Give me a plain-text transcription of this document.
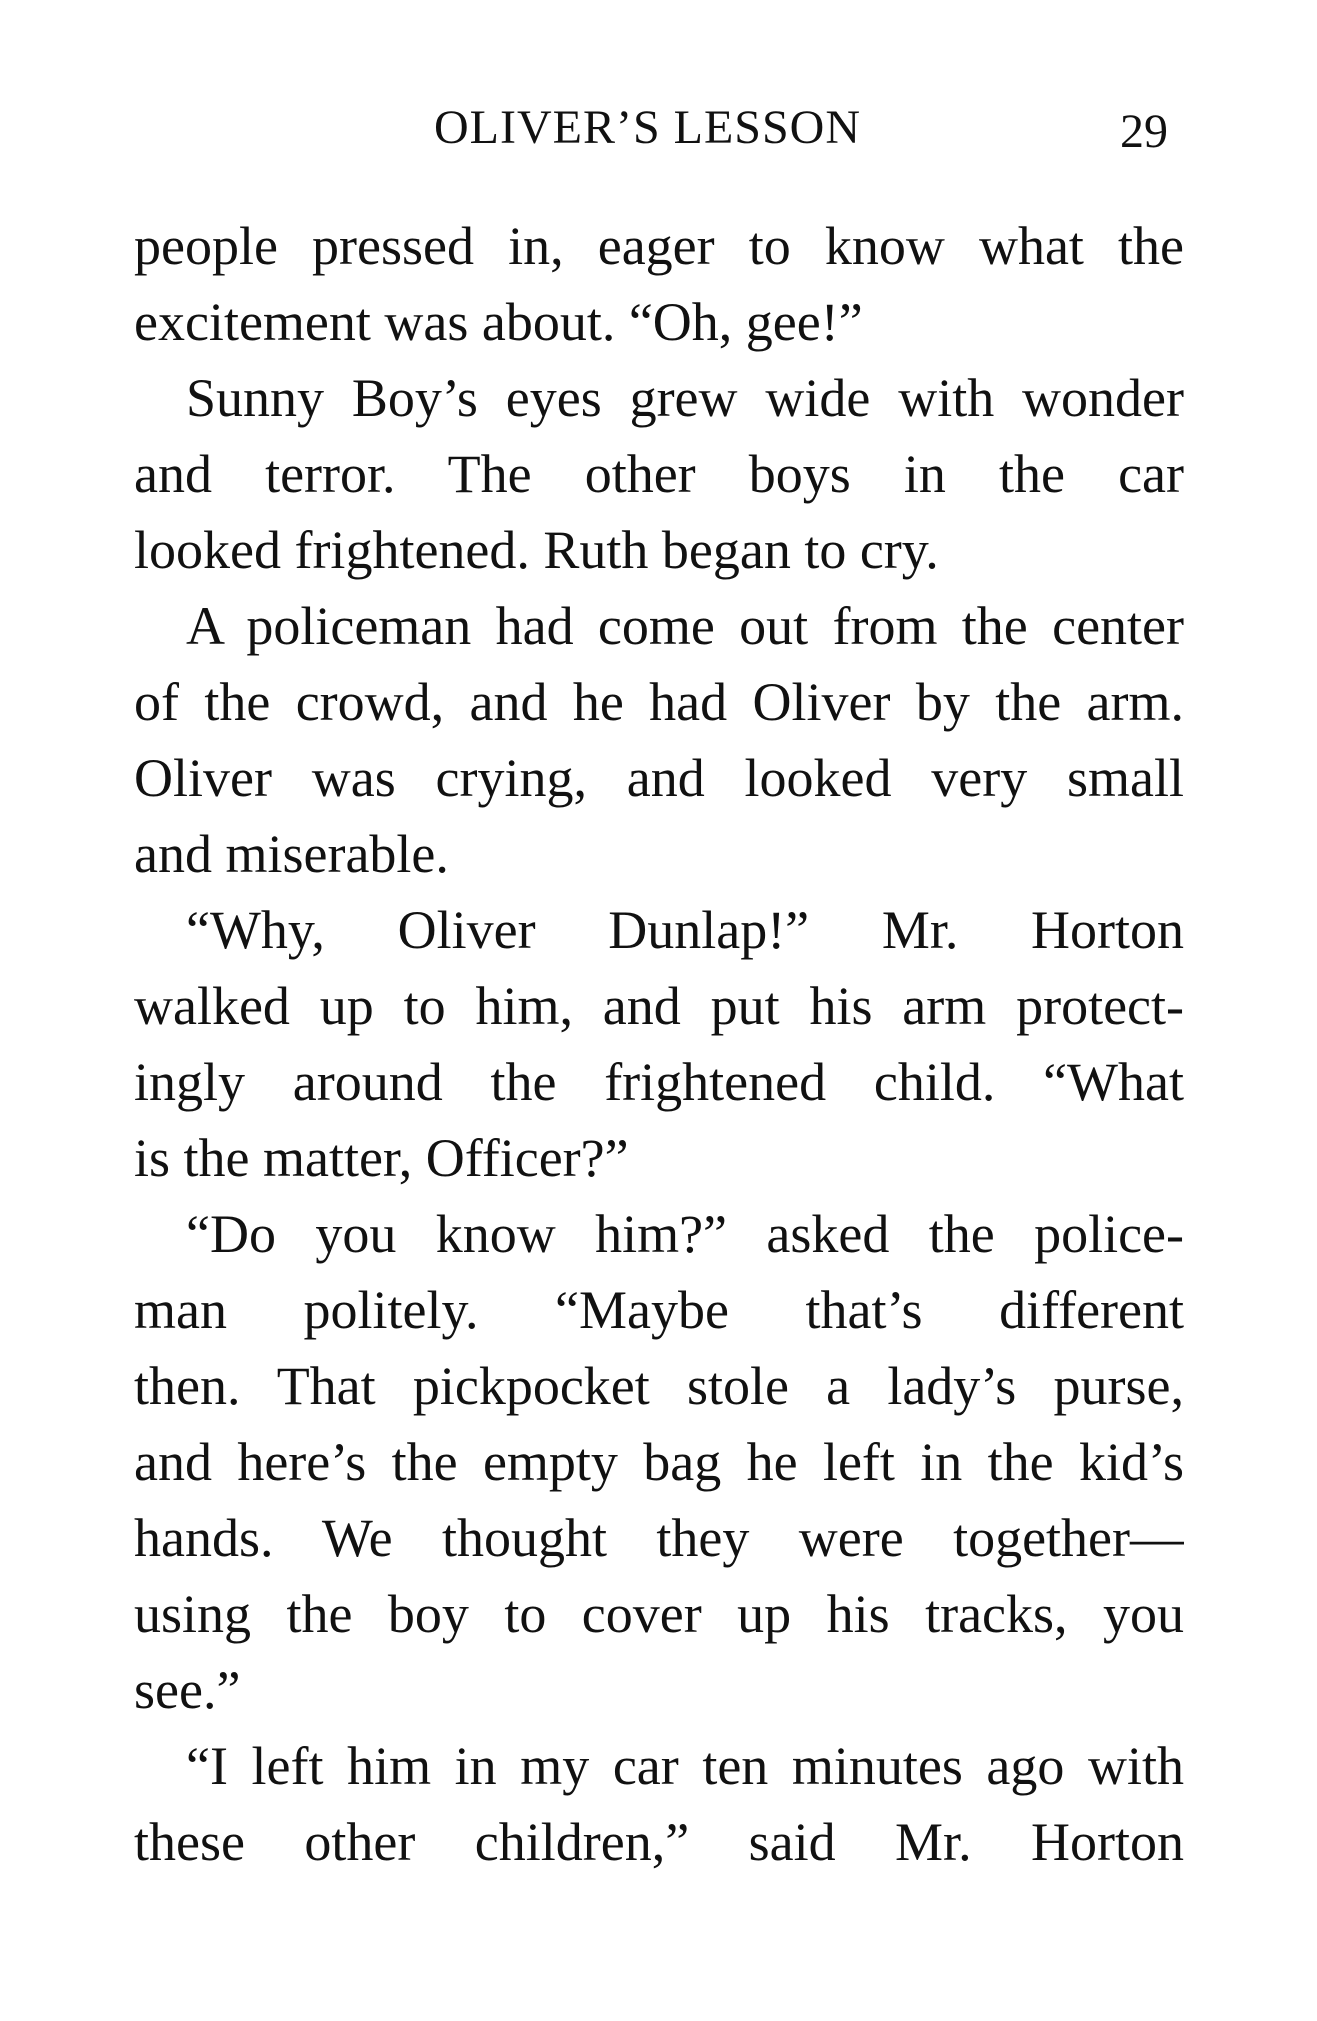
OLIVER’S LESSON	29
people pressed in, eager to know what the
excitement was about. “Oh, gee!”
Sunny Boy’s eyes grew wide with wonder
and terror. The other boys in the car
looked frightened. Ruth began to cry.
A policeman had come out from the center
of the crowd, and he had Oliver by the arm.
Oliver was crying, and looked very small
and miserable.
“Why, Oliver Dunlap!” Mr. Horton
walked up to him, and put his arm protect-
ingly around the frightened child. “What
is the matter, Officer?”
“Do you know him?” asked the police-
man politely. “Maybe that’s different
then. That pickpocket stole a lady’s purse,
and here’s the empty bag he left in the kid’s
hands. We thought they were together—
using the boy to cover up his tracks, you
see.”
“I left him in my car ten minutes ago with
these other children,” said Mr. Horton
